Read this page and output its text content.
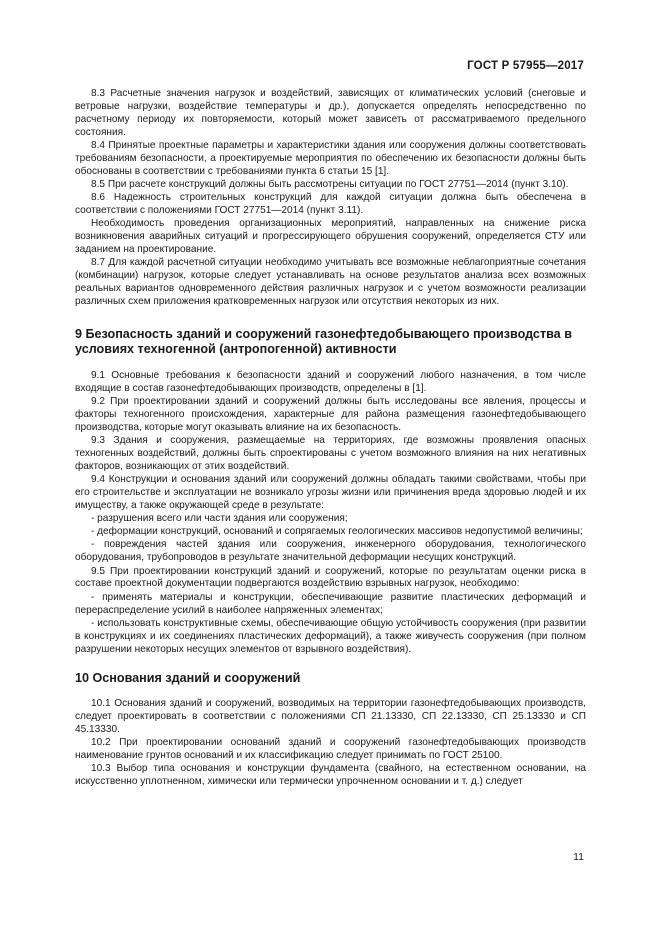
ГОСТ Р 57955—2017

8.3 Расчетные значения нагрузок и воздействий, зависящих от климатических условий (снеговые и ветровые нагрузки, воздействие температуры и др.), допускается определять непосредственно по расчетному периоду их повторяемости, который может зависеть от рассматриваемого предельного состояния.

8.4 Принятые проектные параметры и характеристики здания или сооружения должны соответствовать требованиям безопасности, а проектируемые мероприятия по обеспечению их безопасности должны быть обоснованы в соответствии с требованиями пункта 6 статьи 15 [1].

8.5 При расчете конструкций должны быть рассмотрены ситуации по ГОСТ 27751—2014 (пункт 3.10).

8.6 Надежность строительных конструкций для каждой ситуации должна быть обеспечена в соответствии с положениями ГОСТ 27751—2014 (пункт 3.11).

Необходимость проведения организационных мероприятий, направленных на снижение риска возникновения аварийных ситуаций и прогрессирующего обрушения сооружений, определяется СТУ или заданием на проектирование.

8.7 Для каждой расчетной ситуации необходимо учитывать все возможные неблагоприятные сочетания (комбинации) нагрузок, которые следует устанавливать на основе результатов анализа всех возможных реальных вариантов одновременного действия различных нагрузок и с учетом возможности реализации различных схем приложения кратковременных нагрузок или отсутствия некоторых из них.

9 Безопасность зданий и сооружений газонефтедобывающего производства в условиях техногенной (антропогенной) активности

9.1 Основные требования к безопасности зданий и сооружений любого назначения, в том числе входящие в состав газонефтедобывающих производств, определены в [1].

9.2 При проектировании зданий и сооружений должны быть исследованы все явления, процессы и факторы техногенного происхождения, характерные для района размещения газонефтедобывающего производства, которые могут оказывать влияние на их безопасность.

9.3 Здания и сооружения, размещаемые на территориях, где возможны проявления опасных техногенных воздействий, должны быть спроектированы с учетом возможного влияния на них негативных факторов, возникающих от этих воздействий.

9.4 Конструкции и основания зданий или сооружений должны обладать такими свойствами, чтобы при его строительстве и эксплуатации не возникало угрозы жизни или причинения вреда здоровью людей и их имуществу, а также окружающей среде в результате:

- разрушения всего или части здания или сооружения;

- деформации конструкций, оснований и сопрягаемых геологических массивов недопустимой величины;

- повреждения частей здания или сооружения, инженерного оборудования, технологического оборудования, трубопроводов в результате значительной деформации несущих конструкций.

9.5 При проектировании конструкций зданий и сооружений, которые по результатам оценки риска в составе проектной документации подвергаются воздействию взрывных нагрузок, необходимо:

- применять материалы и конструкции, обеспечивающие развитие пластических деформаций и перераспределение усилий в наиболее напряженных элементах;

- использовать конструктивные схемы, обеспечивающие общую устойчивость сооружения (при развитии в конструкциях и их соединениях пластических деформаций), а также живучесть сооружения (при полном разрушении некоторых несущих элементов от взрывного воздействия).

10 Основания зданий и сооружений

10.1 Основания зданий и сооружений, возводимых на территории газонефтедобывающих производств, следует проектировать в соответствии с положениями СП 21.13330, СП 22.13330, СП 25.13330 и СП 45.13330.

10.2 При проектировании оснований зданий и сооружений газонефтедобывающих производств наименование грунтов оснований и их классификацию следует принимать по ГОСТ 25100.

10.3 Выбор типа основания и конструкции фундамента (свайного, на естественном основании, на искусственно уплотненном, химически или термически упрочненном основании и т. д.) следует

11
